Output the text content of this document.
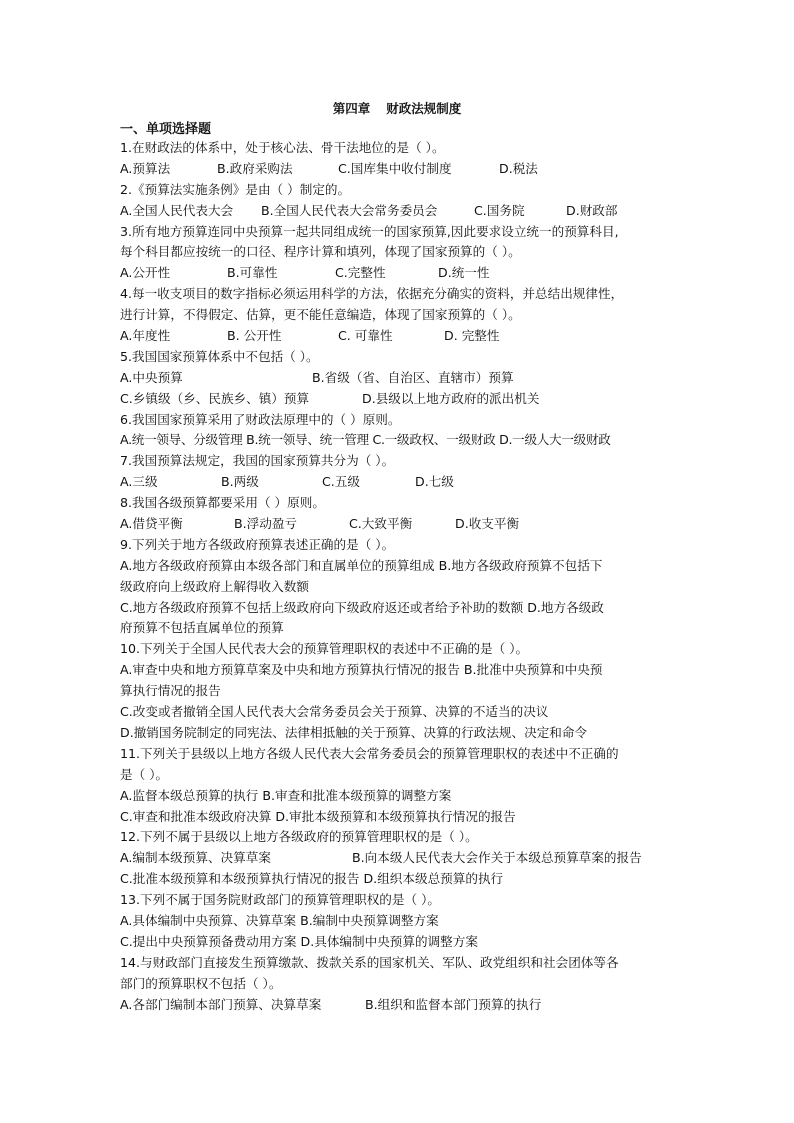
第四章 财政法规制度
一、单项选择题
1.在财政法的体系中，处于核心法、骨干法地位的是（ ）。
A.预算法	B.政府采购法	C.国库集中收付制度	D.税法
2.《预算法实施条例》是由（ ）制定的。
A.全国人民代表大会 B.全国人民代表大会常务委员会	C.国务院	D.财政部
3.所有地方预算连同中央预算一起共同组成统一的国家预算,因此要求设立统一的预算科目,
每个科目都应按统一的口径、程序计算和填列，体现了国家预算的（ ）。
A.公开性	B.可靠性	C.完整性	D.统一性
4.每一收支项目的数字指标必须运用科学的方法，依据充分确实的资料，并总结出规律性，
进行计算，不得假定、估算，更不能任意编造，体现了国家预算的（ ）。
A.年度性	B. 公开性	C. 可靠性	D. 完整性
5.我国国家预算体系中不包括（ ）。
A.中央预算	B.省级（省、自治区、直辖市）预算
C.乡镇级（乡、民族乡、镇）预算	D.县级以上地方政府的派出机关
6.我国国家预算采用了财政法原理中的（ ）原则。
A.统一领导、分级管理 B.统一领导、统一管理 C.一级政权、一级财政 D.一级人大一级财政
7.我国预算法规定，我国的国家预算共分为（ ）。
A.三级	B.两级	C.五级	D.七级
8.我国各级预算都要采用（ ）原则。
A.借贷平衡	B.浮动盈亏	C.大致平衡	D.收支平衡
9.下列关于地方各级政府预算表述正确的是（ ）。
A.地方各级政府预算由本级各部门和直属单位的预算组成 B.地方各级政府预算不包括下
级政府向上级政府上解得收入数额
C.地方各级政府预算不包括上级政府向下级政府返还或者给予补助的数额 D.地方各级政
府预算不包括直属单位的预算
10.下列关于全国人民代表大会的预算管理职权的表述中不正确的是（ ）。
A.审查中央和地方预算草案及中央和地方预算执行情况的报告 B.批准中央预算和中央预
算执行情况的报告
C.改变或者撤销全国人民代表大会常务委员会关于预算、决算的不适当的决议
D.撤销国务院制定的同宪法、法律相抵触的关于预算、决算的行政法规、决定和命令
11.下列关于县级以上地方各级人民代表大会常务委员会的预算管理职权的表述中不正确的
是（ ）。
A.监督本级总预算的执行 B.审查和批准本级预算的调整方案
C.审查和批准本级政府决算 D.审批本级预算和本级预算执行情况的报告
12.下列不属于县级以上地方各级政府的预算管理职权的是（ ）。
A.编制本级预算、决算草案	B.向本级人民代表大会作关于本级总预算草案的报告
C.批准本级预算和本级预算执行情况的报告 D.组织本级总预算的执行
13.下列不属于国务院财政部门的预算管理职权的是（ ）。
A.具体编制中央预算、决算草案 B.编制中央预算调整方案
C.提出中央预算预备费动用方案 D.具体编制中央预算的调整方案
14.与财政部门直接发生预算缴款、拨款关系的国家机关、军队、政党组织和社会团体等各
部门的预算职权不包括（ ）。
A.各部门编制本部门预算、决算草案	B.组织和监督本部门预算的执行
